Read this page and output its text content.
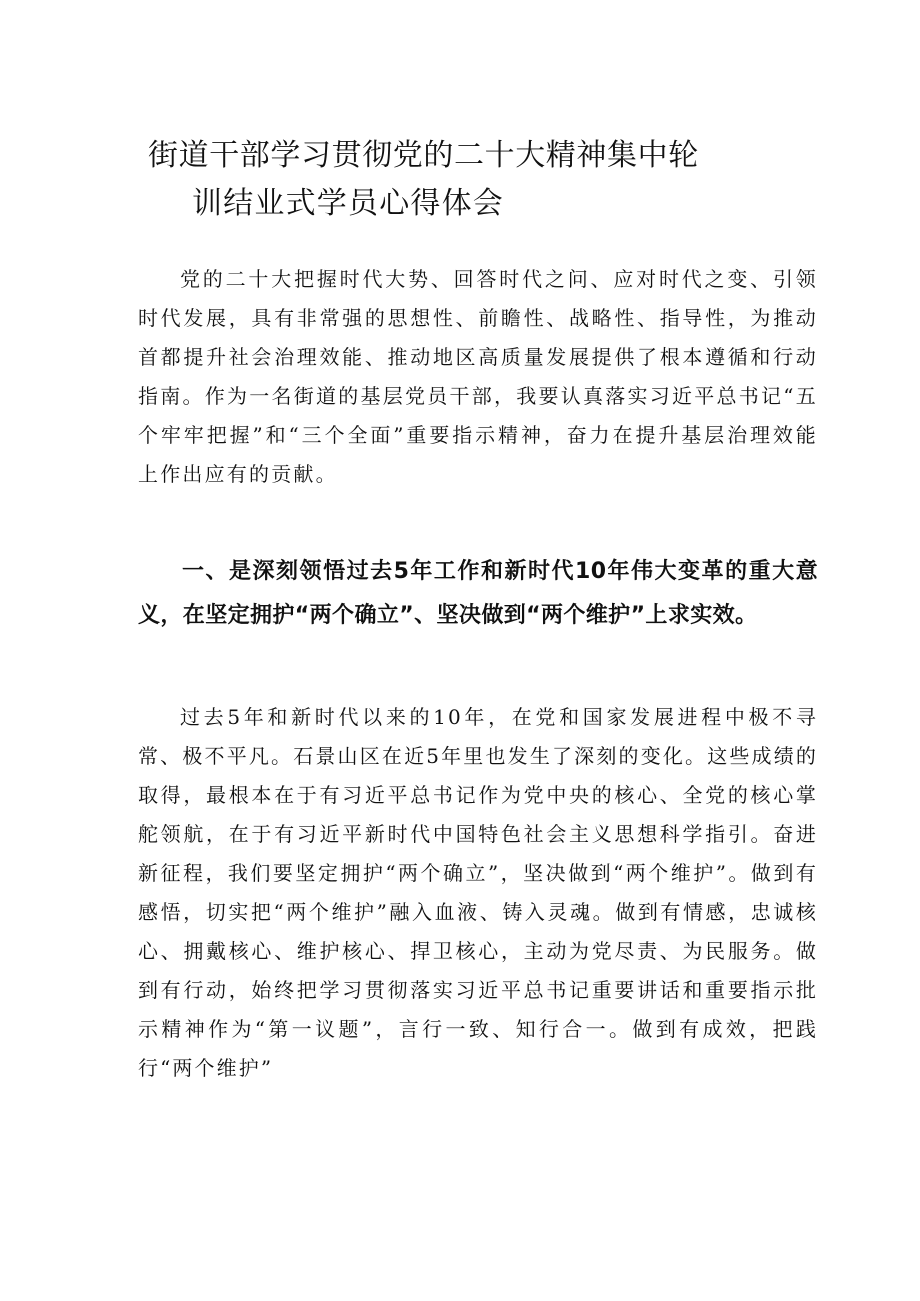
街道干部学习贯彻党的二十大精神集中轮
训结业式学员心得体会

党的二十大把握时代大势、回答时代之问、应对时代之变、引领时代发展，具有非常强的思想性、前瞻性、战略性、指导性，为推动首都提升社会治理效能、推动地区高质量发展提供了根本遵循和行动指南。作为一名街道的基层党员干部，我要认真落实习近平总书记“五个牢牢把握”和“三个全面”重要指示精神，奋力在提升基层治理效能上作出应有的贡献。

一、是深刻领悟过去5年工作和新时代10年伟大变革的重大意义，在坚定拥护“两个确立”、坚决做到“两个维护”上求实效。

过去5年和新时代以来的10年，在党和国家发展进程中极不寻常、极不平凡。石景山区在近5年里也发生了深刻的变化。这些成绩的取得，最根本在于有习近平总书记作为党中央的核心、全党的核心掌舵领航，在于有习近平新时代中国特色社会主义思想科学指引。奋进新征程，我们要坚定拥护“两个确立”，坚决做到“两个维护”。做到有感悟，切实把“两个维护”融入血液、铸入灵魂。做到有情感，忠诚核心、拥戴核心、维护核心、捍卫核心，主动为党尽责、为民服务。做到有行动，始终把学习贯彻落实习近平总书记重要讲话和重要指示批示精神作为“第一议题”，言行一致、知行合一。做到有成效，把践行“两个维护”
